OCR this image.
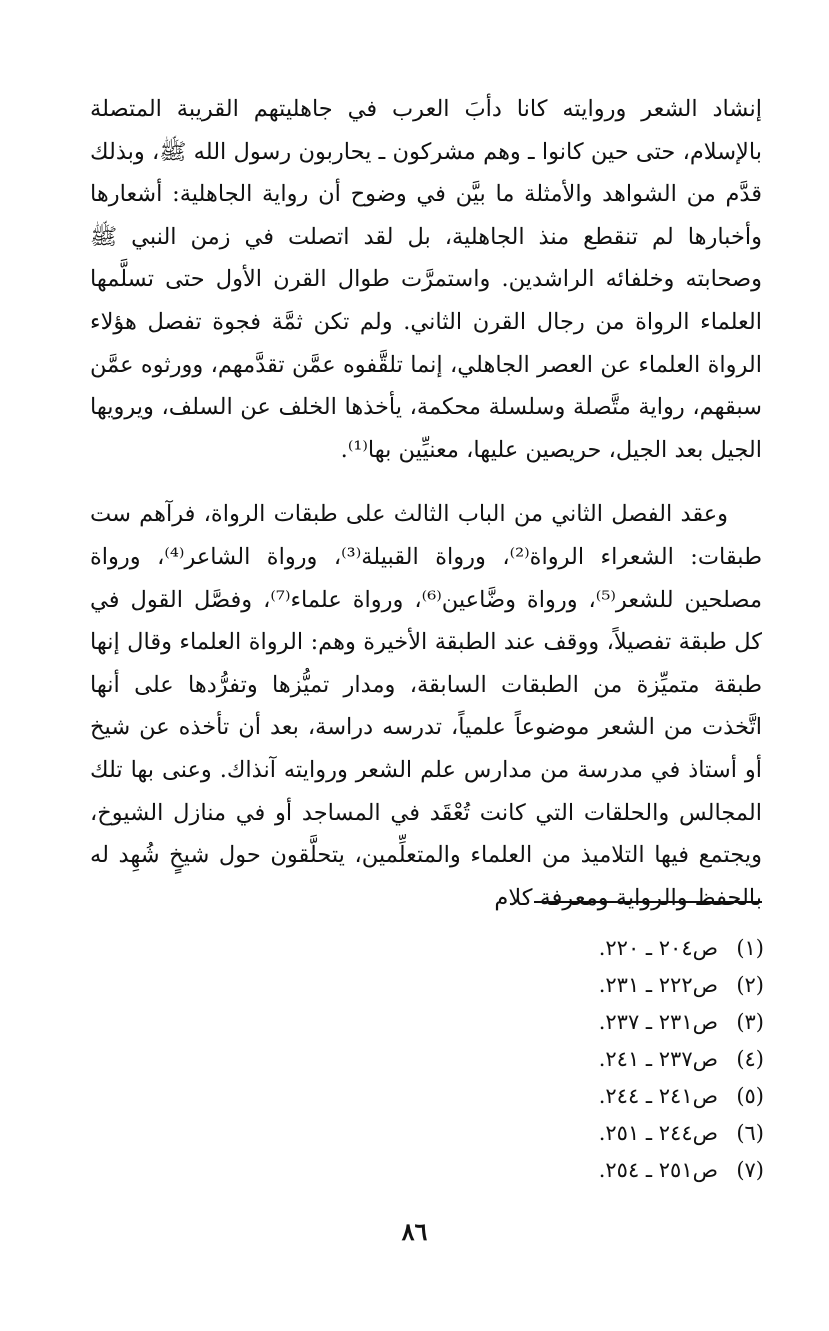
إنشاد الشعر وروايته كانا دأبَ العرب في جاهليتهم القريبة المتصلة بالإسلام، حتى حين كانوا ـ وهم مشركون ـ يحاربون رسول الله ﷺ، وبذلك قدَّم من الشواهد والأمثلة ما بيَّن في وضوح أن رواية الجاهلية: أشعارها وأخبارها لم تنقطع منذ الجاهلية، بل لقد اتصلت في زمن النبي ﷺ وصحابته وخلفائه الراشدين. واستمرَّت طوال القرن الأول حتى تسلَّمها العلماء الرواة من رجال القرن الثاني. ولم تكن ثمَّة فجوة تفصل هؤلاء الرواة العلماء عن العصر الجاهلي، إنما تلقَّفوه عمَّن تقدَّمهم، وورثوه عمَّن سبقهم، رواية متَّصلة وسلسلة محكمة، يأخذها الخلف عن السلف، ويرويها الجيل بعد الجيل، حريصين عليها، معنيِّين بها⁽¹⁾.

وعقد الفصل الثاني من الباب الثالث على طبقات الرواة، فرآهم ست طبقات: الشعراء الرواة⁽²⁾، ورواة القبيلة⁽³⁾، ورواة الشاعر⁽⁴⁾، ورواة مصلحين للشعر⁽⁵⁾، ورواة وضَّاعين⁽⁶⁾، ورواة علماء⁽⁷⁾، وفصَّل القول في كل طبقة تفصيلاً، ووقف عند الطبقة الأخيرة وهم: الرواة العلماء وقال إنها طبقة متميِّزة من الطبقات السابقة، ومدار تميُّزها وتفرُّدها على أنها اتَّخذت من الشعر موضوعاً علمياً، تدرسه دراسة، بعد أن تأخذه عن شيخ أو أستاذ في مدرسة من مدارس علم الشعر وروايته آنذاك. وعنى بها تلك المجالس والحلقات التي كانت تُعْقَد في المساجد أو في منازل الشيوخ، ويجتمع فيها التلاميذ من العلماء والمتعلِّمين، يتحلَّقون حول شيخٍ شُهِد له بالحفظ والرواية ومعرفة كلام

(١)
ص٢٠٤ ـ ٢٢٠.
(٢)
ص٢٢٢ ـ ٢٣١.
(٣)
ص٢٣١ ـ ٢٣٧.
(٤)
ص٢٣٧ ـ ٢٤١.
(٥)
ص٢٤١ ـ ٢٤٤.
(٦)
ص٢٤٤ ـ ٢٥١.
(٧)
ص٢٥١ ـ ٢٥٤.
٨٦
